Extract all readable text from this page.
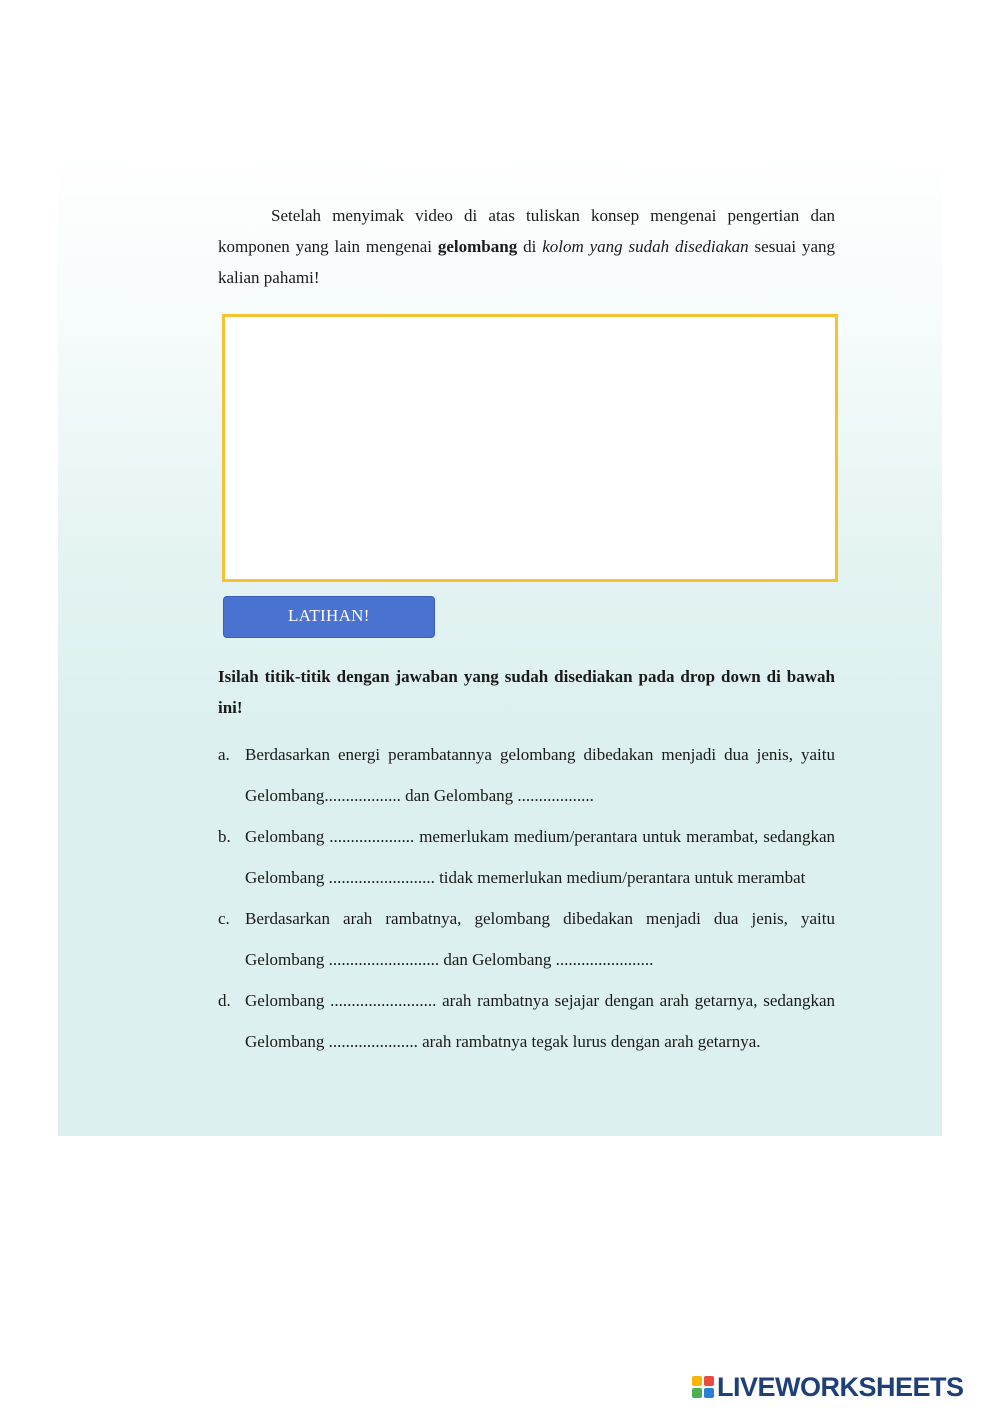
Setelah menyimak video di atas tuliskan konsep mengenai pengertian dan komponen yang lain mengenai gelombang di kolom yang sudah disediakan sesuai yang kalian pahami!
LATIHAN!
Isilah titik-titik dengan jawaban yang sudah disediakan pada drop down di bawah ini!
a. Berdasarkan energi perambatannya gelombang dibedakan menjadi dua jenis, yaitu Gelombang.................. dan Gelombang ..................
b. Gelombang .................... memerlukam medium/perantara untuk merambat, sedangkan Gelombang ......................... tidak memerlukan medium/perantara untuk merambat
c. Berdasarkan arah rambatnya, gelombang dibedakan menjadi dua jenis, yaitu Gelombang .......................... dan Gelombang .......................
d. Gelombang ......................... arah rambatnya sejajar dengan arah getarnya, sedangkan Gelombang ..................... arah rambatnya tegak lurus dengan arah getarnya.
LIVEWORKSHEETS
